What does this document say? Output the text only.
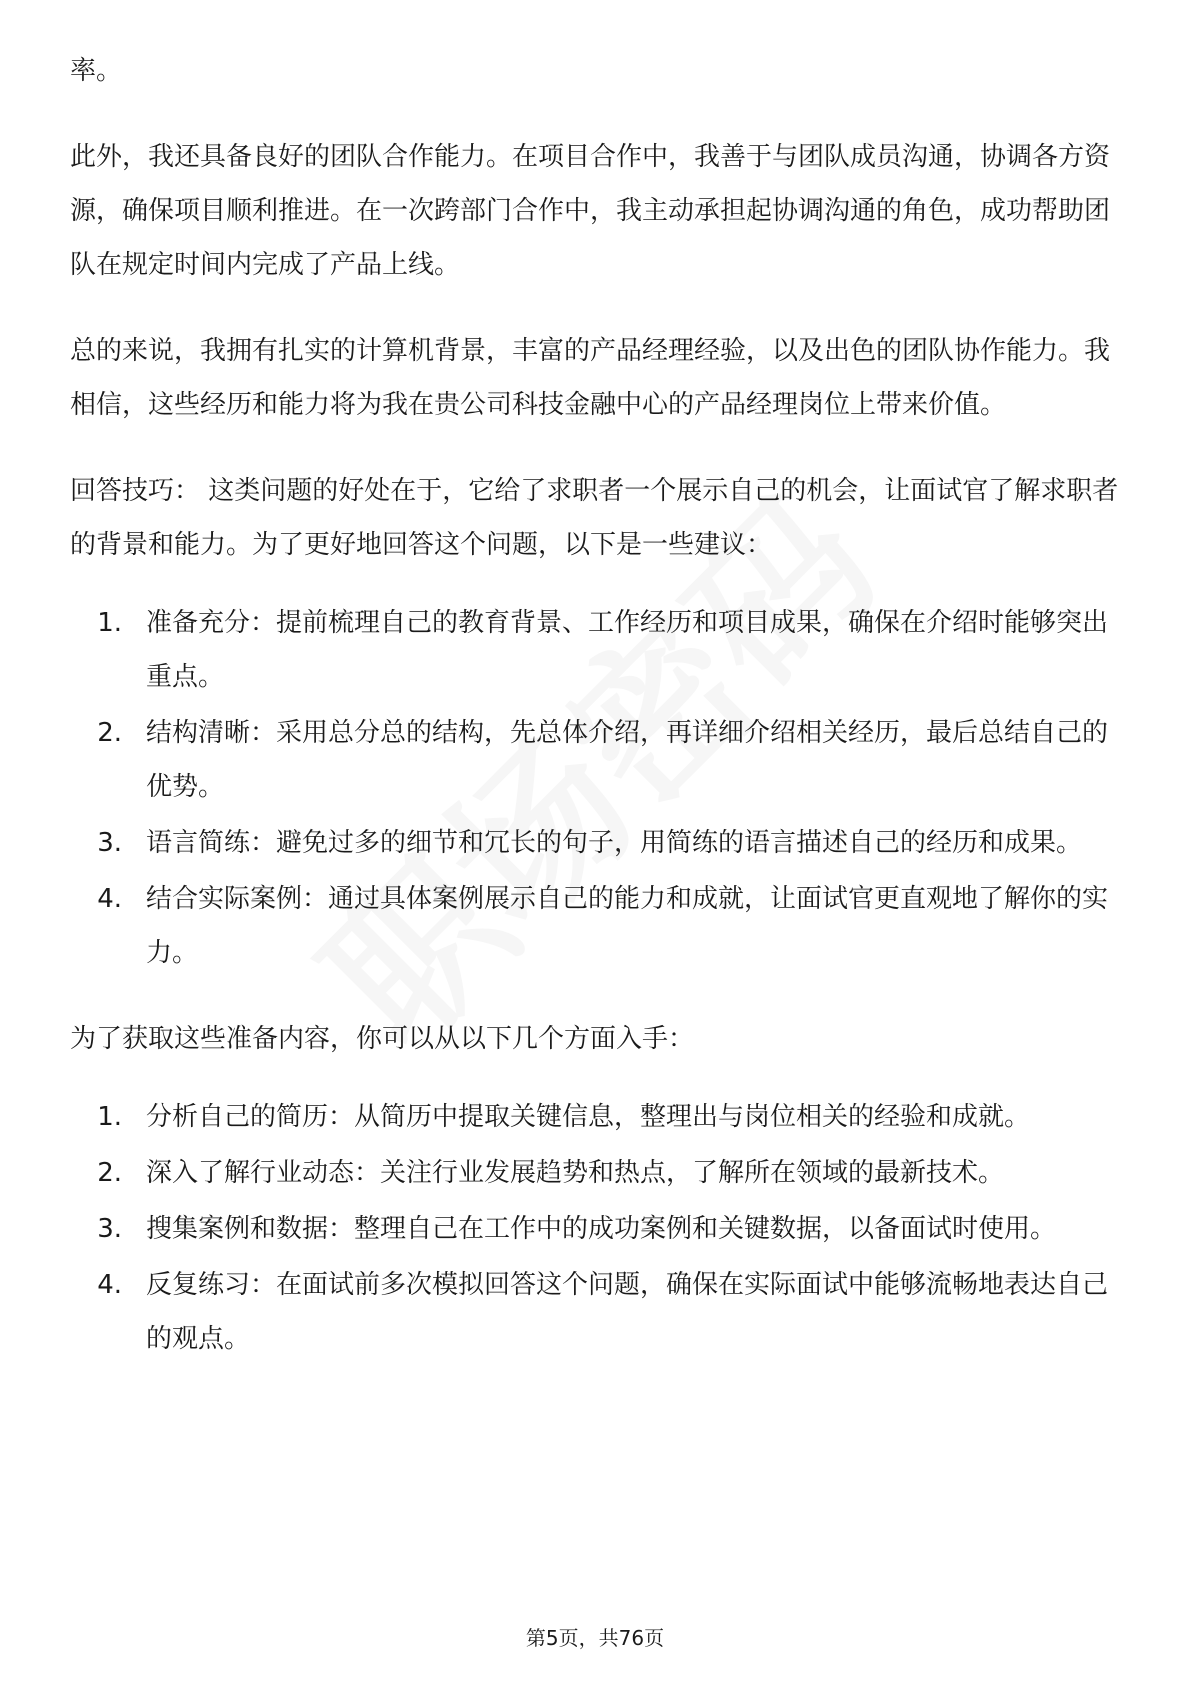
率。

此外，我还具备良好的团队合作能力。在项目合作中，我善于与团队成员沟通，协调各方资源，确保项目顺利推进。在一次跨部门合作中，我主动承担起协调沟通的角色，成功帮助团队在规定时间内完成了产品上线。

总的来说，我拥有扎实的计算机背景，丰富的产品经理经验，以及出色的团队协作能力。我相信，这些经历和能力将为我在贵公司科技金融中心的产品经理岗位上带来价值。

回答技巧： 这类问题的好处在于，它给了求职者一个展示自己的机会，让面试官了解求职者的背景和能力。为了更好地回答这个问题，以下是一些建议：

1. 准备充分：提前梳理自己的教育背景、工作经历和项目成果，确保在介绍时能够突出重点。
2. 结构清晰：采用总分总的结构，先总体介绍，再详细介绍相关经历，最后总结自己的优势。
3. 语言简练：避免过多的细节和冗长的句子，用简练的语言描述自己的经历和成果。
4. 结合实际案例：通过具体案例展示自己的能力和成就，让面试官更直观地了解你的实力。

为了获取这些准备内容，你可以从以下几个方面入手：

1. 分析自己的简历：从简历中提取关键信息，整理出与岗位相关的经验和成就。
2. 深入了解行业动态：关注行业发展趋势和热点，了解所在领域的最新技术。
3. 搜集案例和数据：整理自己在工作中的成功案例和关键数据，以备面试时使用。
4. 反复练习：在面试前多次模拟回答这个问题，确保在实际面试中能够流畅地表达自己的观点。
第5页，共76页
